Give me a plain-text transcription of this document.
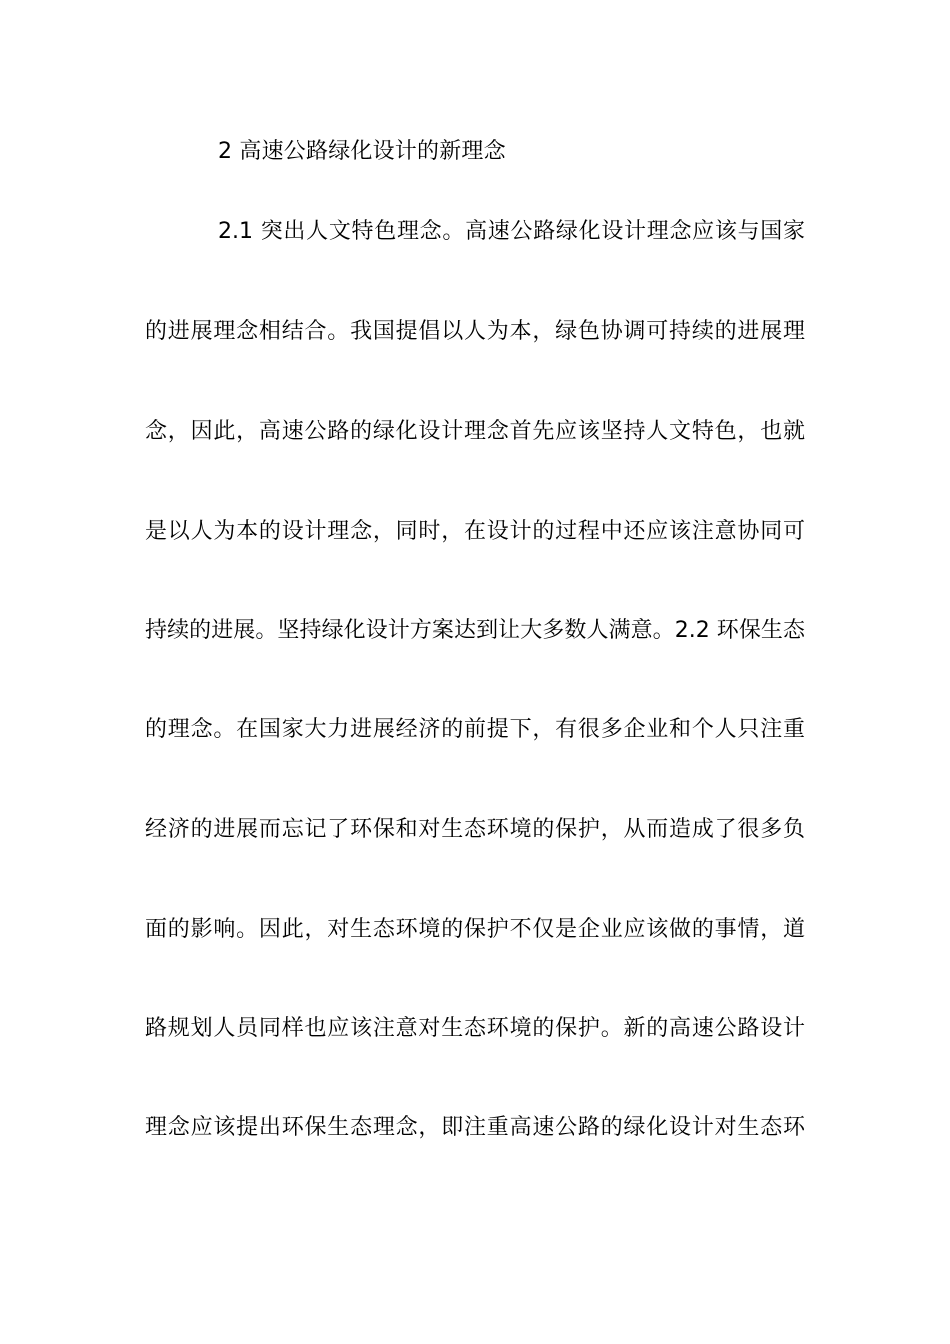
2 高速公路绿化设计的新理念
2.1 突出人文特色理念。高速公路绿化设计理念应该与国家
的进展理念相结合。我国提倡以人为本，绿色协调可持续的进展理
念，因此，高速公路的绿化设计理念首先应该坚持人文特色，也就
是以人为本的设计理念，同时，在设计的过程中还应该注意协同可
持续的进展。坚持绿化设计方案达到让大多数人满意。2.2 环保生态
的理念。在国家大力进展经济的前提下，有很多企业和个人只注重
经济的进展而忘记了环保和对生态环境的保护，从而造成了很多负
面的影响。因此，对生态环境的保护不仅是企业应该做的事情，道
路规划人员同样也应该注意对生态环境的保护。新的高速公路设计
理念应该提出环保生态理念，即注重高速公路的绿化设计对生态环
